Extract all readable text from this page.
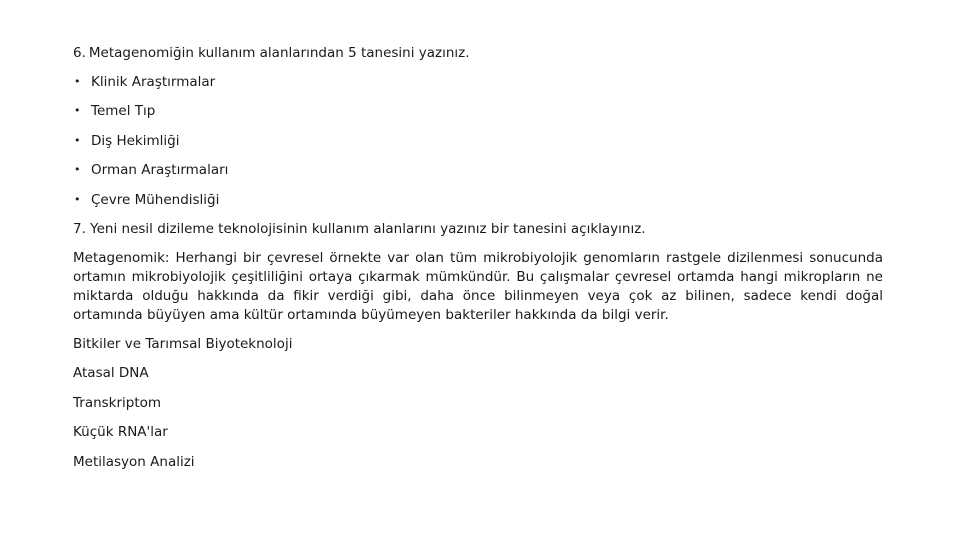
6. Metagenomiğin kullanım alanlarından 5 tanesini yazınız.
• Klinik Araştırmalar
• Temel Tıp
• Diş Hekimliği
• Orman Araştırmaları
• Çevre Mühendisliği
7. Yeni nesil dizileme teknolojisinin kullanım alanlarını yazınız bir tanesini açıklayınız.

Metagenomik: Herhangi bir çevresel örnekte var olan tüm mikrobiyolojik genomların rastgele dizilenmesi sonucunda ortamın mikrobiyolojik çeşitliliğini ortaya çıkarmak mümkündür. Bu çalışmalar çevresel ortamda hangi mikropların ne miktarda olduğu hakkında da fikir verdiği gibi, daha önce bilinmeyen veya çok az bilinen, sadece kendi doğal ortamında büyüyen ama kültür ortamında büyümeyen bakteriler hakkında da bilgi verir.

Bitkiler ve Tarımsal Biyoteknoloji
Atasal DNA
Transkriptom
Küçük RNA'lar
Metilasyon Analizi
